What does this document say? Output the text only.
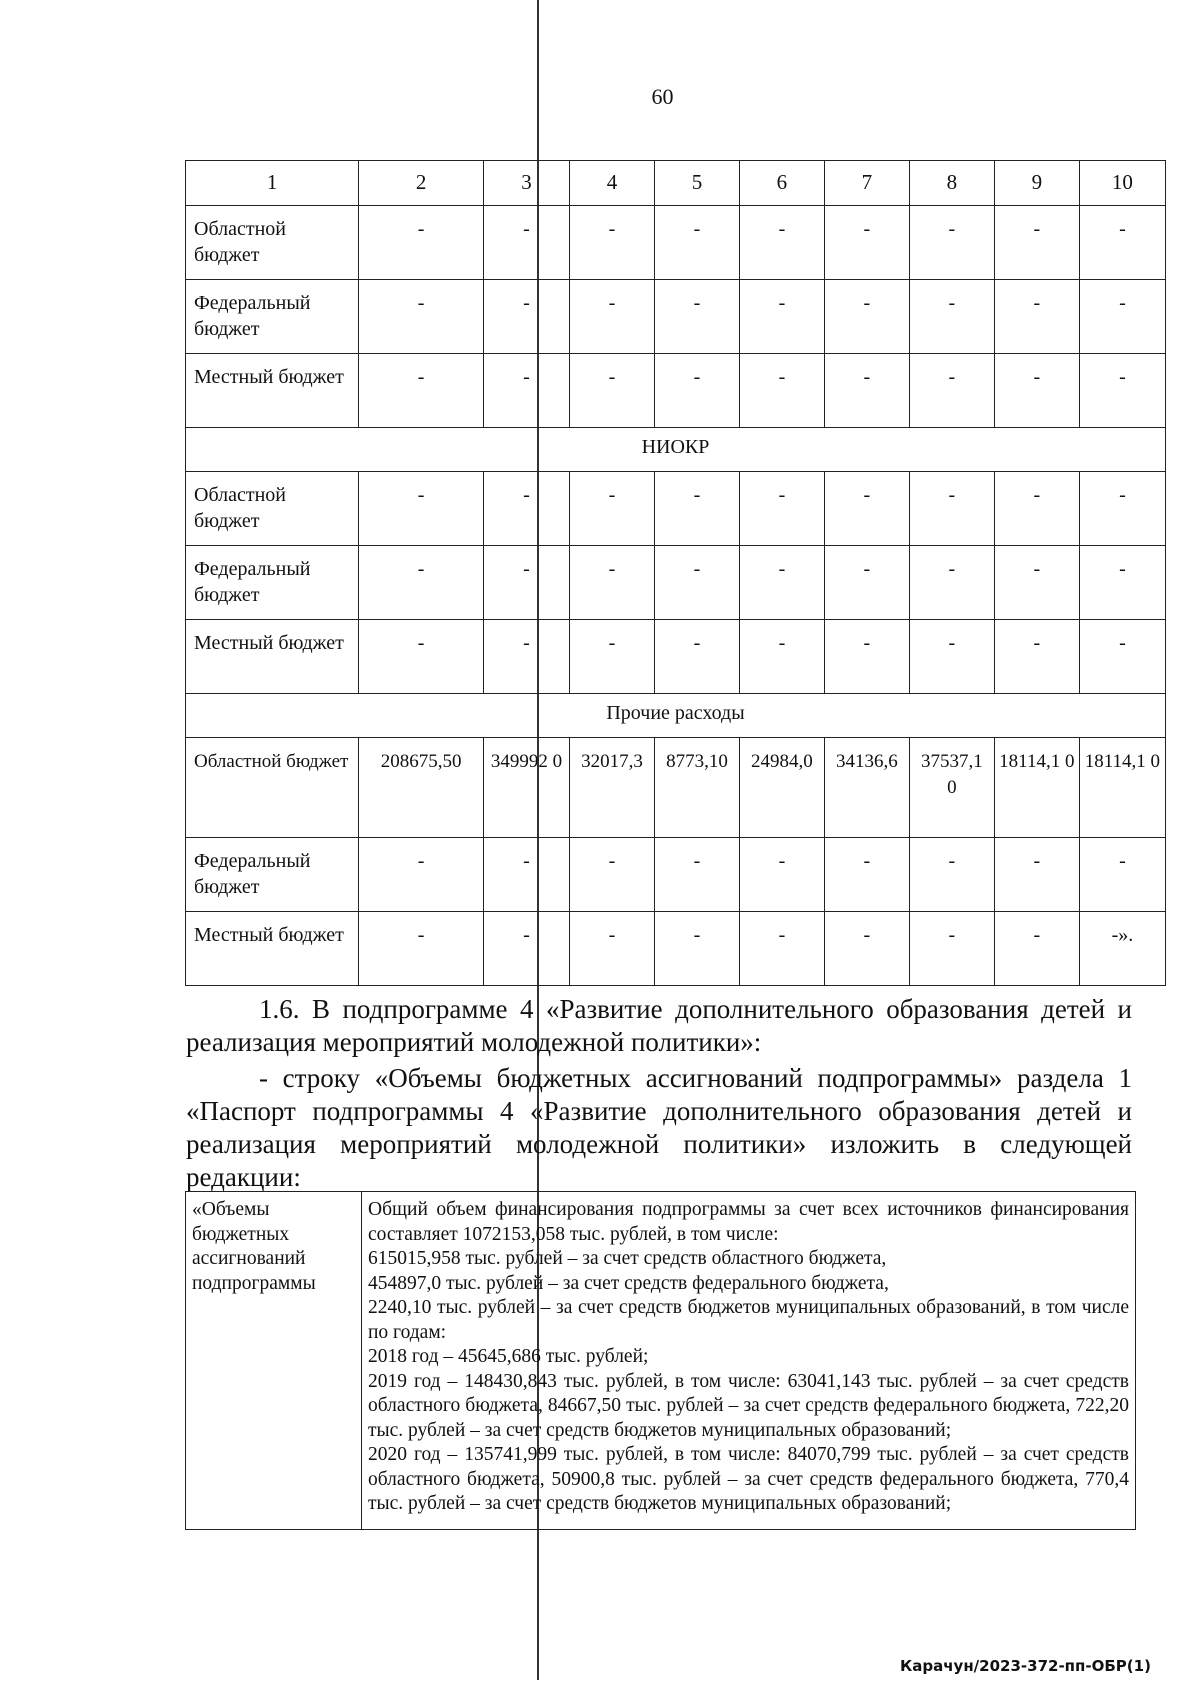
60
1	2	3	4	5	6	7	8	9	10
Областной бюджет	-	-	-	-	-	-	-	-	-
Федеральный бюджет	-	-	-	-	-	-	-	-	-
Местный бюджет	-	-	-	-	-	-	-	-	-
НИОКР									
Областной бюджет	-	-	-	-	-	-	-	-	-
Федеральный бюджет	-	-	-	-	-	-	-	-	-
Местный бюджет	-	-	-	-	-	-	-	-	-
Прочие расходы									
Областной бюджет	208675,50	349992 0	32017,3	8773,10	24984,0	34136,6	37537,1 0	18114,1 0	18114,1 0
Федеральный бюджет	-	-	-	-	-	-	-	-	-
Местный бюджет	-	-	-	-	-	-	-	-	-».
1.6. В подпрограмме 4 «Развитие дополнительного образования детей и реализация мероприятий молодежной политики»:
- строку «Объемы бюджетных ассигнований подпрограммы» раздела 1 «Паспорт подпрограммы 4 «Развитие дополнительного образования детей и реализация мероприятий молодежной политики» изложить в следующей редакции:
«Объемы бюджетных ассигнований подпрограммы	
Общий объем финансирования подпрограммы за счет всех источников финансирования составляет 1072153,058 тыс. рублей, в том числе:
615015,958 тыс. рублей – за счет средств областного бюджета,
454897,0 тыс. рублей – за счет средств федерального бюджета,
2240,10 тыс. рублей – за счет средств бюджетов муниципальных образований, в том числе по годам:
2018 год – 45645,686 тыс. рублей;
2019 год – 148430,843 тыс. рублей, в том числе: 63041,143 тыс. рублей – за счет средств областного бюджета, 84667,50 тыс. рублей – за счет средств федерального бюджета, 722,20 тыс. рублей – за счет средств бюджетов муниципальных образований;
2020 год – 135741,999 тыс. рублей, в том числе: 84070,799 тыс. рублей – за счет средств областного бюджета, 50900,8 тыс. рублей – за счет средств федерального бюджета, 770,4 тыс. рублей – за счет средств бюджетов муниципальных образований;
Карачун/2023-372-пп-ОБР(1)
